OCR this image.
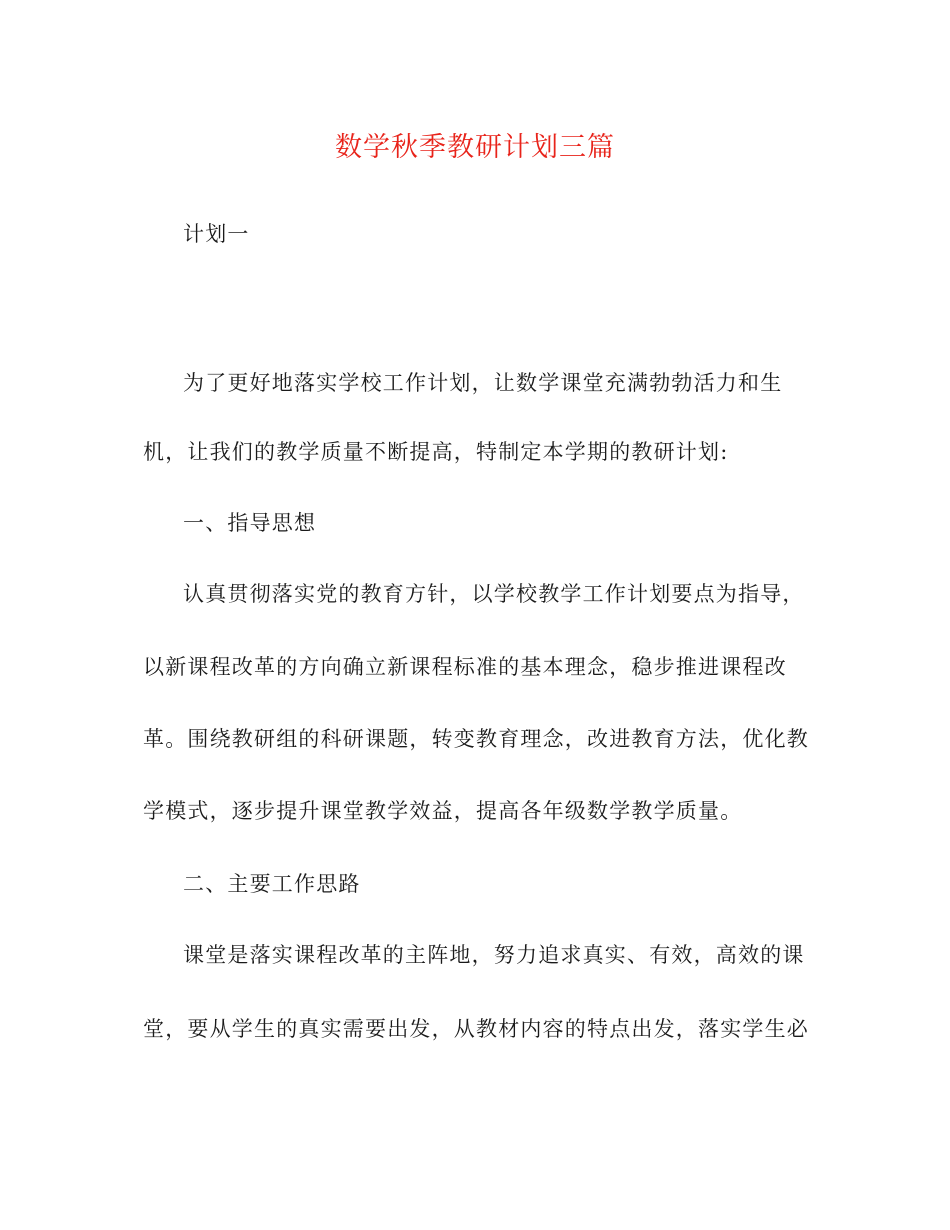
数学秋季教研计划三篇
计划一
为了更好地落实学校工作计划，让数学课堂充满勃勃活力和生
机，让我们的教学质量不断提高，特制定本学期的教研计划:
一、指导思想
认真贯彻落实党的教育方针，以学校教学工作计划要点为指导，
以新课程改革的方向确立新课程标准的基本理念，稳步推进课程改
革。围绕教研组的科研课题，转变教育理念，改进教育方法，优化教
学模式，逐步提升课堂教学效益，提高各年级数学教学质量。
二、主要工作思路
课堂是落实课程改革的主阵地，努力追求真实、有效，高效的课
堂，要从学生的真实需要出发，从教材内容的特点出发，落实学生必
